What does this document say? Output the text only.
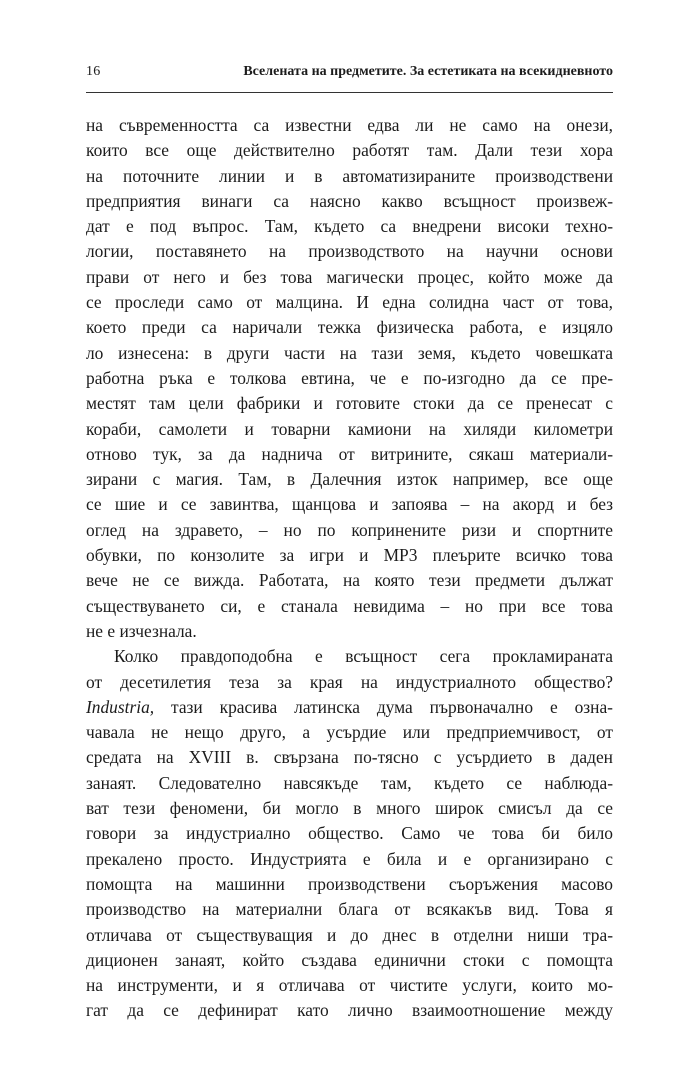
16	Вселената на предметите. За естетиката на всекидневното
на съвременността са известни едва ли не само на онези,
които все още действително работят там. Дали тези хора
на поточните линии и в автоматизираните производствени
предприятия винаги са наясно какво всъщност произвеж-
дат е под въпрос. Там, където са внедрени високи техно-
логии, поставянето на производството на научни основи
прави от него и без това магически процес, който може да
се проследи само от малцина. И една солидна част от това,
което преди са наричали тежка физическа работа, е изцяло
ло изнесена: в други части на тази земя, където човешката
работна ръка е толкова евтина, че е по-изгодно да се пре-
местят там цели фабрики и готовите стоки да се пренесат с
кораби, самолети и товарни камиони на хиляди километри
отново тук, за да наднича от витрините, сякаш материали-
зирани с магия. Там, в Далечния изток например, все още
се шие и се завинтва, щанцова и запоява – на акорд и без
оглед на здравето, – но по копринените ризи и спортните
обувки, по конзолите за игри и MP3 плеърите всичко това
вече не се вижда. Работата, на която тези предмети дължат
съществуването си, е станала невидима – но при все това
не е изчезнала.
Колко правдоподобна е всъщност сега прокламираната
от десетилетия теза за края на индустриалното общество?
Industria, тази красива латинска дума първоначално е озна-
чавала не нещо друго, а усърдие или предприемчивост, от
средата на XVIII в. свързана по-тясно с усърдието в даден
занаят. Следователно навсякъде там, където се наблюда-
ват тези феномени, би могло в много широк смисъл да се
говори за индустриално общество. Само че това би било
прекалено просто. Индустрията е била и е организирано с
помощта на машинни производствени съоръжения масово
производство на материални блага от всякакъв вид. Това я
отличава от съществуващия и до днес в отделни ниши тра-
диционен занаят, който създава единични стоки с помощта
на инструменти, и я отличава от чистите услуги, които мо-
гат да се дефинират като лично взаимоотношение между
